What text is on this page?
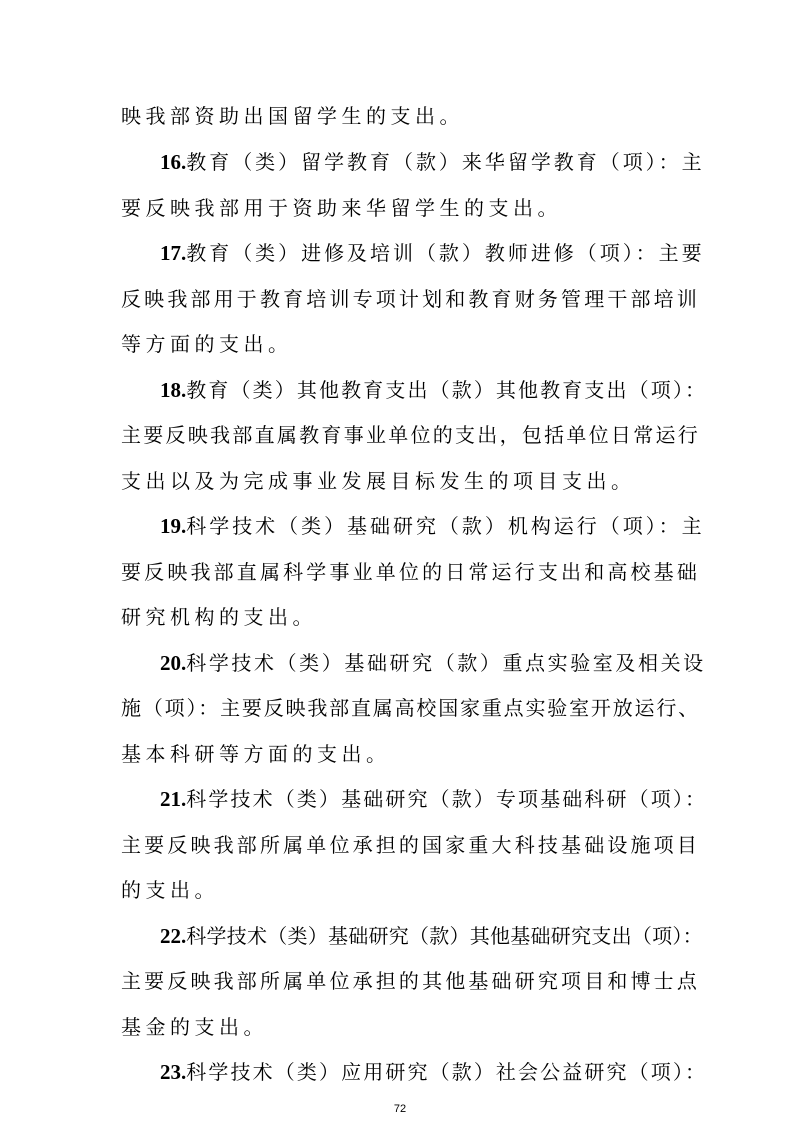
映我部资助出国留学生的支出。
16.教育（类）留学教育（款）来华留学教育（项）：主
要反映我部用于资助来华留学生的支出。
17.教育（类）进修及培训（款）教师进修（项）：主要
反映我部用于教育培训专项计划和教育财务管理干部培训
等方面的支出。
18.教育（类）其他教育支出（款）其他教育支出（项）：
主要反映我部直属教育事业单位的支出，包括单位日常运行
支出以及为完成事业发展目标发生的项目支出。
19.科学技术（类）基础研究（款）机构运行（项）：主
要反映我部直属科学事业单位的日常运行支出和高校基础
研究机构的支出。
20.科学技术（类）基础研究（款）重点实验室及相关设
施（项）：主要反映我部直属高校国家重点实验室开放运行、
基本科研等方面的支出。
21.科学技术（类）基础研究（款）专项基础科研（项）：
主要反映我部所属单位承担的国家重大科技基础设施项目
的支出。
22.科学技术（类）基础研究（款）其他基础研究支出（项）：
主要反映我部所属单位承担的其他基础研究项目和博士点
基金的支出。
23.科学技术（类）应用研究（款）社会公益研究（项）：
72
